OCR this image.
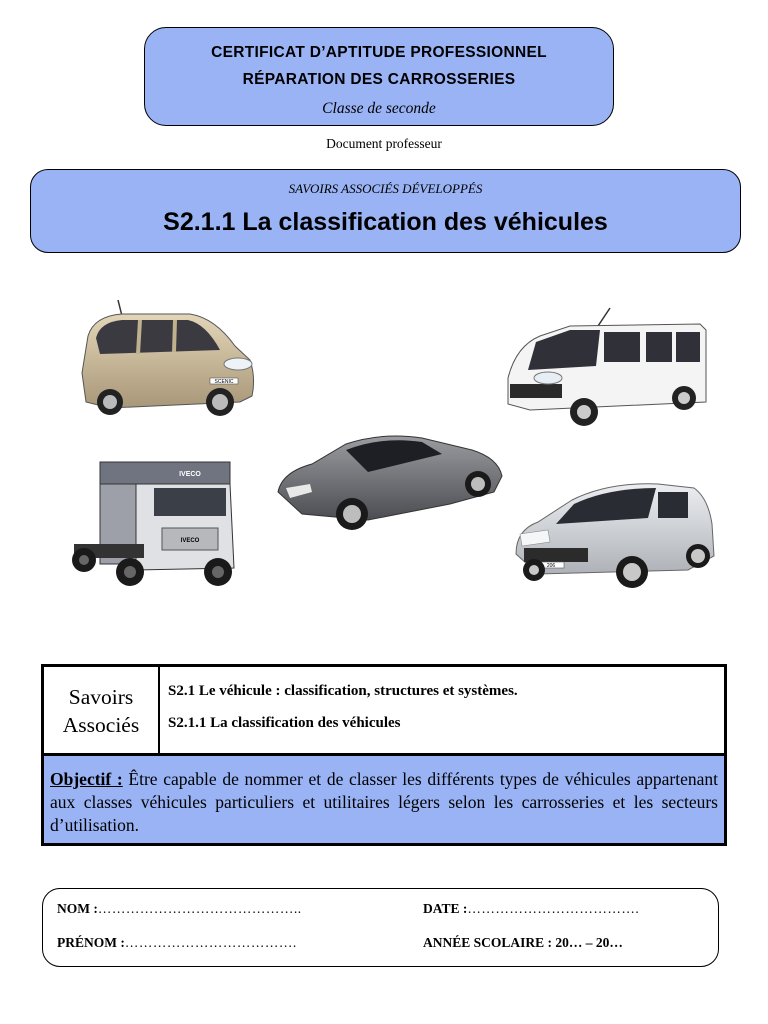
CERTIFICAT D’APTITUDE PROFESSIONNEL
RÉPARATION DES CARROSSERIES
Classe de seconde
Document professeur
SAVOIRS ASSOCIÉS DÉVELOPPÉS
S2.1.1 La classification des véhicules
SCENIC
IVECO
IVECO
206
Savoirs
Associés
S2.1 Le véhicule : classification, structures et systèmes.
S2.1.1 La classification des véhicules
Objectif : Être capable de nommer et de classer les différents types de véhicules appartenant aux classes véhicules particuliers et utilitaires légers selon les carrosseries et les secteurs d’utilisation.
NOM :……………………………………..
PRÉNOM :……………………………….
DATE :……………………………….
ANNÉE SCOLAIRE : 20… – 20…
